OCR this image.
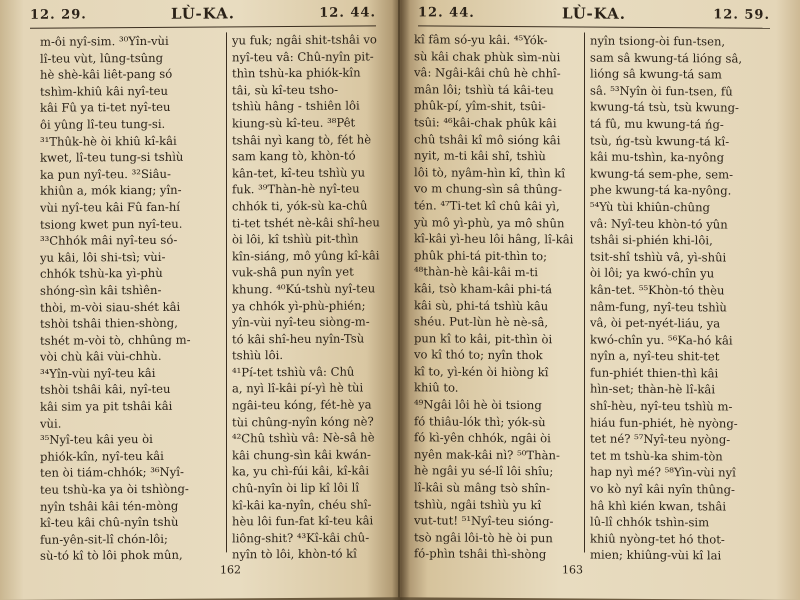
12. 29.	LÙ-KA.	12. 44.
m-ôi nyî-sim. ³⁰Yîn-vùi
lî-teu vùt, lûng-tsûng
hè shè-kâi liêt-pang só
tshìm-khiû kâi nyî-teu
kâi Fû ya ti-tet nyî-teu
ôi yûng lî-teu tung-si.
³¹Thûk-hè òi khiû kî-kâi
kwet, lî-teu tung-si tshìù
ka pun nyî-teu. ³²Siâu-
khiûn a, mók kiang; yîn-
vùi nyî-teu kâi Fû fan-hí
tsiong kwet pun nyî-teu.
³³Chhók mâi nyî-teu só-
yu kâi, lôi shi-tsì; vùi-
chhók tshù-ka yì-phù
shóng-sìn kâi tshìên-
thòi, m-vòi siau-shét kâi
tshòi tshâi thien-shòng,
tshét m-vòi tò, chhûng m-
vòi chù kâi vùi-chhù.
³⁴Yîn-vùi nyî-teu kâi
tshòi tshâi kâi, nyî-teu
kâi sim ya pit tshâi kâi
vùi.
³⁵Nyî-teu kâi yeu òi
phiók-kîn, nyî-teu kâi
ten òi tiám-chhók; ³⁶Nyî-
teu tshù-ka ya òi tshìòng-
nyîn tshâi kâi tén-mòng
kî-teu kâi chû-nyîn tshù
fun-yên-sit-lî chón-lôi;
sù-tó kî tò lôi phok mûn,
yu fuk; ngâi shit-tshâi vo
nyî-teu vâ: Chû-nyîn pit-
thìn tshù-ka phiók-kîn
tâi, sù kî-teu tsho-
tshìù hâng - tshiên lôi
kiung-sù kî-teu. ³⁸Pêt
tshâi nyì kang tò, fét hè
sam kang tò, khòn-tó
kân-tet, kî-teu tshìù yu
fuk. ³⁹Thàn-hè nyî-teu
chhók ti, yók-sù ka-chû
ti-tet tshét nè-kâi shî-heu
òi lôi, kî tshìù pit-thìn
kîn-siáng, mô yûng kî-kâi
vuk-shâ pun nyîn yet
khung. ⁴⁰Kú-tshù nyî-teu
ya chhók yì-phù-phién;
yîn-vùi nyî-teu siòng-m-
tó kâi shî-heu nyîn-Tsù
tshìù lôi.
⁴¹Pí-tet tshìù vâ: Chû
a, nyì lî-kâi pí-yì hè tùi
ngâi-teu kóng, fét-hè ya
tùi chûng-nyîn kóng nè?
⁴²Chû tshìù vâ: Nè-sâ hè
kâi chung-sìn kâi kwán-
ka, yu chì-fúi kâi, kî-kâi
chû-nyîn òi lip kî lôi lî
kî-kâi ka-nyîn, chéu shî-
hèu lôi fun-fat kî-teu kâi
liông-shit? ⁴³Kî-kâi chû-
nyîn tò lôi, khòn-tó kî
162
12. 44.	LÙ-KA.	12. 59.
kî fâm só-yu kâi. ⁴⁵Yók-
sù kâi chak phùk sìm-nùi
vâ: Ngâi-kâi chû hè chhî-
mân lôi; tshìù tá kâi-teu
phûk-pí, yîm-shit, tsûi-
tsûi: ⁴⁶kâi-chak phûk kâi
chû tshâi kî mô sióng kâi
nyit, m-ti kâi shî, tshìù
lôi tò, nyâm-hìn kî, thìn kî
vo m chung-sìn sâ thûng-
tén. ⁴⁷Ti-tet kî chû kâi yì,
yù mô yì-phù, ya mô shûn
kî-kâi yì-heu lôi hâng, lî-kâi
phûk phi-tá pit-thìn to;
⁴⁸thàn-hè kâi-kâi m-ti
kâi, tsò kham-kâi phi-tá
kâi sù, phi-tá tshìù kâu
shéu. Put-lùn hè nè-sâ,
pun kî to kâi, pit-thìn òi
vo kî thó to; nyîn thok
kî to, yì-kén òi hiòng kî
khiû to.
⁴⁹Ngâi lôi hè òi tsiong
fó thiâu-lók thì; yók-sù
fó kì-yên chhók, ngâi òi
nyên mak-kâi nì? ⁵⁰Thàn-
hè ngâi yu sé-lî lôi shîu;
lî-kâi sù mâng tsò shîn-
tshìù, ngâi tshìù yu kî
vut-tut! ⁵¹Nyî-teu sióng-
tsò ngâi lôi-tò hè òi pun
fó-phìn tshâi thì-shòng
nyîn tsiong-òi fun-tsen,
sam sâ kwung-tá lióng sâ,
lióng sâ kwung-tá sam
sâ. ⁵³Nyîn òi fun-tsen, fû
kwung-tá tsù, tsù kwung-
tá fû, mu kwung-tá ńg-
tsù, ńg-tsù kwung-tá kî-
kâi mu-tshìn, ka-nyông
kwung-tá sem-phe, sem-
phe kwung-tá ka-nyông.
⁵⁴Yù tùi khiûn-chûng
vâ: Nyî-teu khòn-tó yûn
tshâi si-phién khi-lôi,
tsit-shî tshìù vâ, yì-shûi
òi lôi; ya kwó-chîn yu
kân-tet. ⁵⁵Khòn-tó thèu
nâm-fung, nyî-teu tshìù
vâ, òi pet-nyét-liáu, ya
kwó-chîn yu. ⁵⁶Ka-hó kâi
nyîn a, nyî-teu shit-tet
fun-phiét thien-thì kâi
hìn-set; thàn-hè lî-kâi
shî-hèu, nyî-teu tshìù m-
hiáu fun-phiét, hè nyòng-
tet né? ⁵⁷Nyî-teu nyòng-
tet m tshù-ka shim-tòn
hap nyì mé? ⁵⁸Yìn-vùi nyî
vo kò nyî kâi nyîn thûng-
hâ khì kién kwan, tshâi
lû-lî chhók tshìn-sim
khiû nyòng-tet hó thot-
mien; khiûng-vùi kî lai
163
